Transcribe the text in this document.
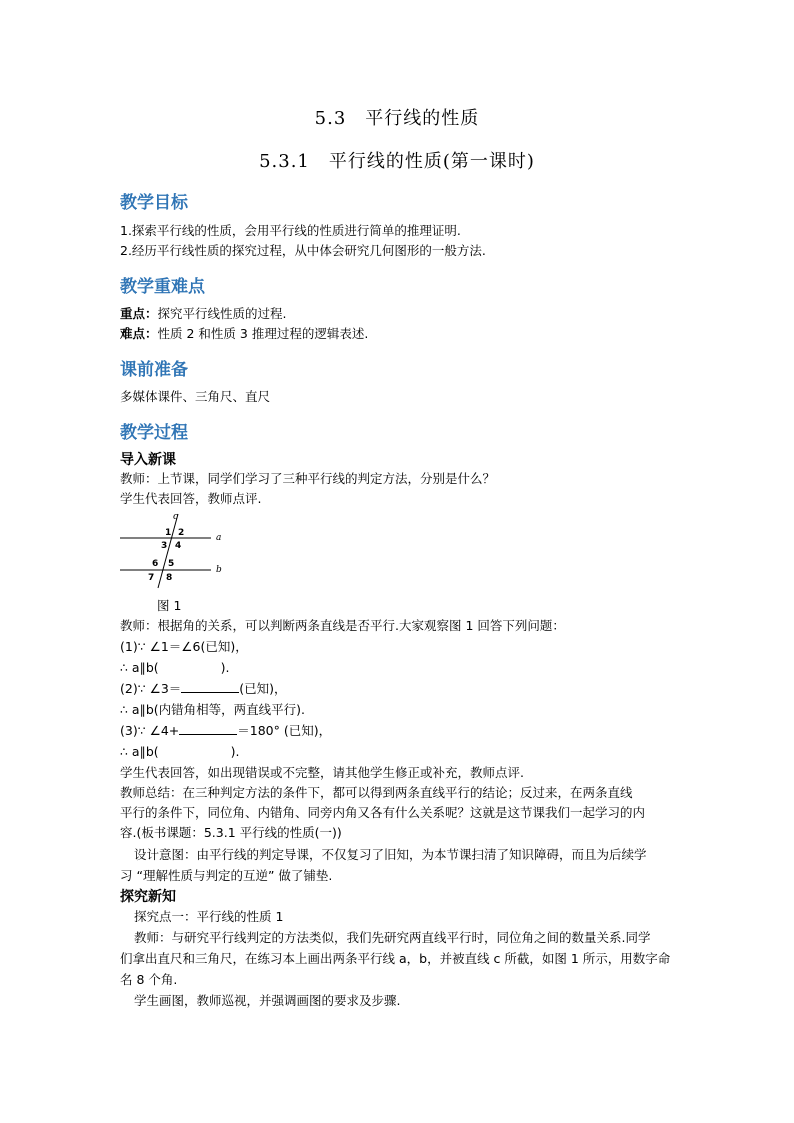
5.3　平行线的性质
5.3.1　平行线的性质(第一课时)
教学目标
1.探索平行线的性质，会用平行线的性质进行简单的推理证明.
2.经历平行线性质的探究过程，从中体会研究几何图形的一般方法.
教学重难点
重点：探究平行线性质的过程.
难点：性质 2 和性质 3 推理过程的逻辑表述.
课前准备
多媒体课件、三角尺、直尺
教学过程
导入新课
教师：上节课，同学们学习了三种平行线的判定方法，分别是什么？
学生代表回答，教师点评.
c
a
b
1 2
3 4
6 5
7 8
图 1
教师：根据角的关系，可以判断两条直线是否平行.大家观察图 1 回答下列问题：
(1)∵ ∠1＝∠6(已知)，
∴ a∥b(	).
(2)∵ ∠3＝	(已知)，
∴ a∥b(内错角相等，两直线平行).
(3)∵ ∠4+	＝180° (已知)，
∴ a∥b(	).
学生代表回答，如出现错误或不完整，请其他学生修正或补充，教师点评.
教师总结：在三种判定方法的条件下，都可以得到两条直线平行的结论；反过来，在两条直线
平行的条件下，同位角、内错角、同旁内角又各有什么关系呢？这就是这节课我们一起学习的内
容.(板书课题：5.3.1 平行线的性质(一))
设计意图：由平行线的判定导课，不仅复习了旧知，为本节课扫清了知识障碍，而且为后续学
习 “理解性质与判定的互逆” 做了铺垫.
探究新知
探究点一：平行线的性质 1
教师：与研究平行线判定的方法类似，我们先研究两直线平行时，同位角之间的数量关系.同学
们拿出直尺和三角尺，在练习本上画出两条平行线 a，b，并被直线 c 所截，如图 1 所示，用数字命
名 8 个角.
学生画图，教师巡视，并强调画图的要求及步骤.
